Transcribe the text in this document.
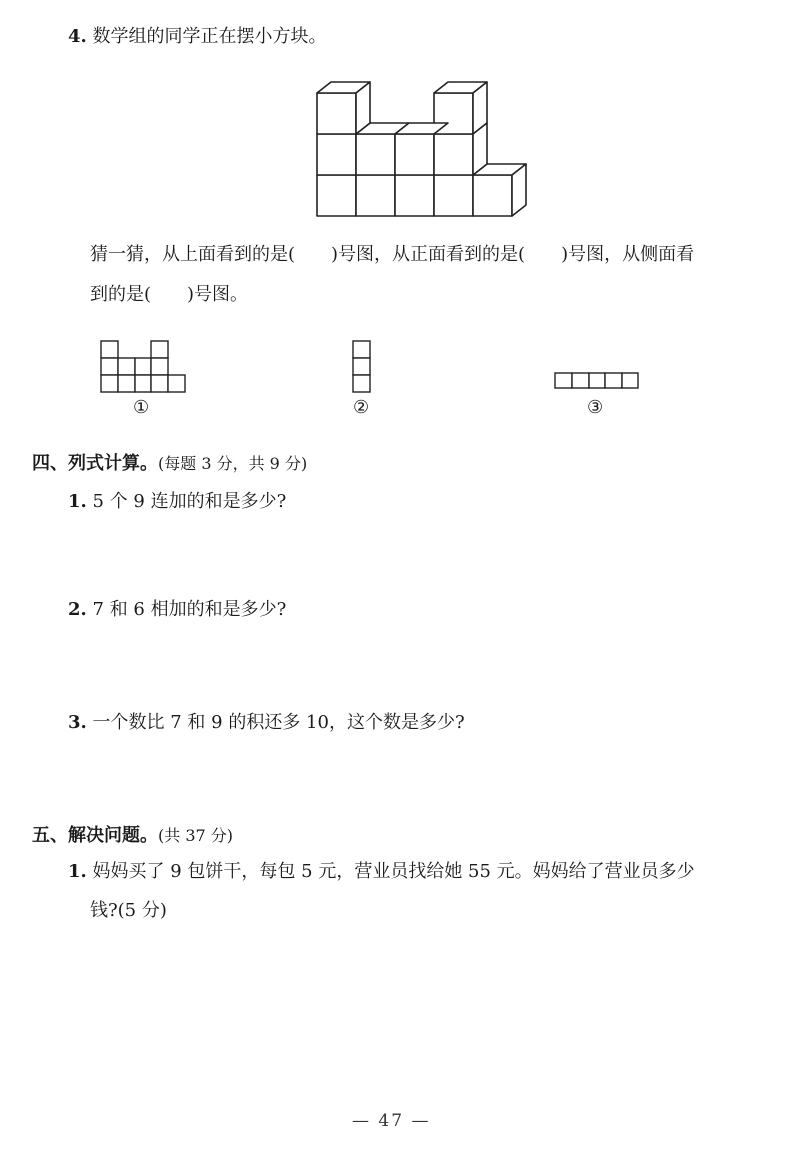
4. 数学组的同学正在摆小方块。
猜一猜，从上面看到的是(　　)号图，从正面看到的是(　　)号图，从侧面看
到的是(　　)号图。
①	②	③
四、列式计算。(每题 3 分，共 9 分)
1. 5 个 9 连加的和是多少?
2. 7 和 6 相加的和是多少?
3. 一个数比 7 和 9 的积还多 10，这个数是多少?
五、解决问题。(共 37 分)
1. 妈妈买了 9 包饼干，每包 5 元，营业员找给她 55 元。妈妈给了营业员多少
钱?(5 分)
— 47 —
